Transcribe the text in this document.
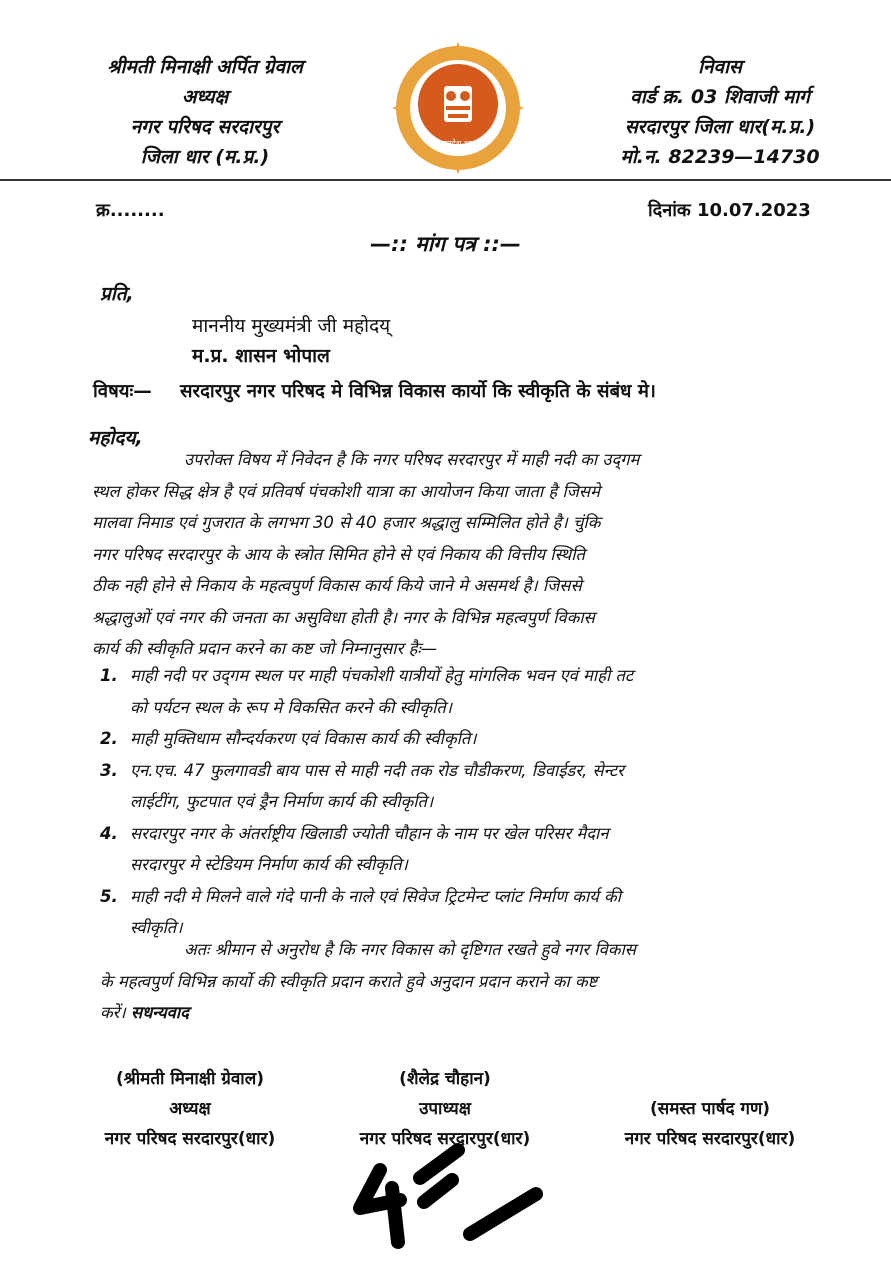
श्रीमती मिनाक्षी अर्पित ग्रेवाल
अध्यक्ष
नगर परिषद सरदारपुर
जिला धार (म.प्र.)
मध्यप्रदेश शासन
निवास
वार्ड क्र. 03 शिवाजी मार्ग
सरदारपुर जिला धार(म.प्र.)
मो.न. 82239—14730
क्र........	दिनांक 10.07.2023
—:: मांग पत्र ::—
प्रति,
माननीय मुख्यमंत्री जी महोदय्
म.प्र. शासन भोपाल
विषयः— सरदारपुर नगर परिषद मे विभिन्न विकास कार्यो कि स्वीकृति के संबंध मे।
महोदय,
उपरोक्त विषय में निवेदन है कि नगर परिषद सरदारपुर में माही नदी का उद्‌गम
स्थल होकर सिद्ध क्षेत्र है एवं प्रतिवर्ष पंचकोशी यात्रा का आयोजन किया जाता है जिसमे
मालवा निमाड एवं गुजरात के लगभग 30 से 40 हजार श्रद्धालु सम्मिलित होते है। चुंकि
नगर परिषद सरदारपुर के आय के स्त्रोत सिमित होने से एवं निकाय की वित्तीय स्थिति
ठीक नही होने से निकाय के महत्वपुर्ण विकास कार्य किये जाने मे असमर्थ है। जिससे
श्रद्धालुओं एवं नगर की जनता का असुविधा होती है। नगर के विभिन्न महत्वपुर्ण विकास
कार्य की स्वीकृति प्रदान करने का कष्ट जो निम्नानुसार हैः—
1. माही नदी पर उद्‌गम स्थल पर माही पंचकोशी यात्रीयों हेतु मांगलिक भवन एवं माही तट
को पर्यटन स्थल के रूप मे विकसित करने की स्वीकृति।
2. माही मुक्तिधाम सौन्दर्यकरण एवं विकास कार्य की स्वीकृति।
3. एन.एच. 47 फुलगावडी बाय पास से माही नदी तक रोड चौडीकरण, डिवाईडर, सेन्टर
लाईटींग, फुटपात एवं ड्रैन निर्माण कार्य की स्वीकृति।
4. सरदारपुर नगर के अंतर्राष्ट्रीय खिलाडी ज्योती चौहान के नाम पर खेल परिसर मैदान
सरदारपुर मे स्टेडियम निर्माण कार्य की स्वीकृति।
5. माही नदी मे मिलने वाले गंदे पानी के नाले एवं सिवेज ट्रिटमेन्ट प्लांट निर्माण कार्य की
स्वीकृति।
अतः श्रीमान से अनुरोध है कि नगर विकास को दृष्टिगत रखते हुवे नगर विकास
के महत्वपुर्ण विभिन्न कार्यो की स्वीकृति प्रदान कराते हुवे अनुदान प्रदान कराने का कष्ट
करें। सधन्यवाद
(श्रीमती मिनाक्षी ग्रेवाल)
अध्यक्ष
नगर परिषद सरदारपुर(धार)
(शैलेद्र चौहान)
उपाध्यक्ष
नगर परिषद सरदारपुर(धार)
(समस्त पार्षद गण)
नगर परिषद सरदारपुर(धार)
